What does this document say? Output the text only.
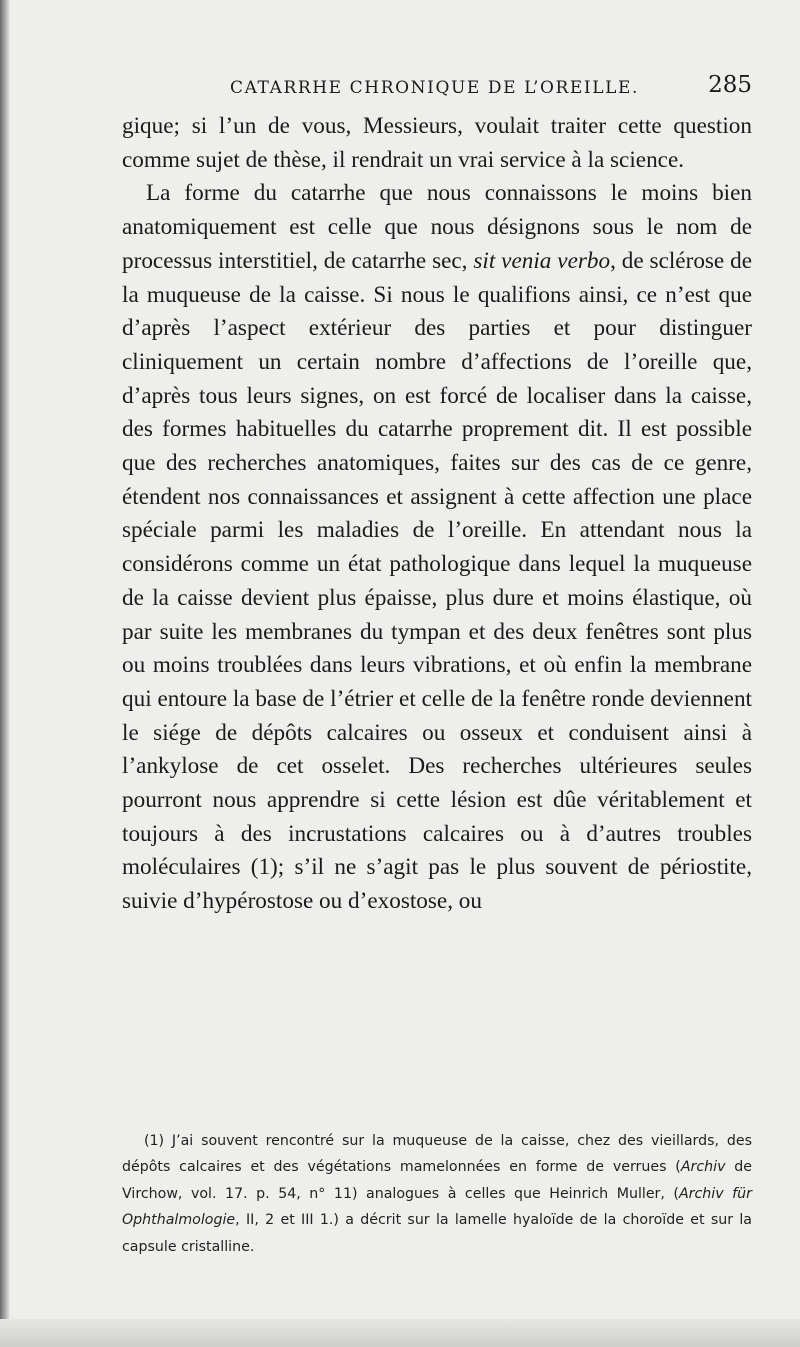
CATARRHE CHRONIQUE DE L’OREILLE.	285

gique; si l’un de vous, Messieurs, voulait traiter cette question comme sujet de thèse, il rendrait un vrai service à la science.

La forme du catarrhe que nous connaissons le moins bien anatomiquement est celle que nous désignons sous le nom de processus interstitiel, de catarrhe sec, sit venia verbo, de sclérose de la muqueuse de la caisse. Si nous le qualifions ainsi, ce n’est que d’après l’aspect extérieur des parties et pour distinguer cliniquement un certain nombre d’affections de l’oreille que, d’après tous leurs signes, on est forcé de localiser dans la caisse, des formes habituelles du catarrhe proprement dit. Il est possible que des recherches anatomiques, faites sur des cas de ce genre, étendent nos connaissances et assignent à cette affection une place spéciale parmi les maladies de l’oreille. En attendant nous la considérons comme un état pathologique dans lequel la muqueuse de la caisse devient plus épaisse, plus dure et moins élastique, où par suite les membranes du tympan et des deux fenêtres sont plus ou moins troublées dans leurs vibrations, et où enfin la membrane qui entoure la base de l’étrier et celle de la fenêtre ronde deviennent le siége de dépôts calcaires ou osseux et conduisent ainsi à l’ankylose de cet osselet. Des recherches ultérieures seules pourront nous apprendre si cette lésion est dûe véritablement et toujours à des incrustations calcaires ou à d’autres troubles moléculaires (1); s’il ne s’agit pas le plus souvent de périostite, suivie d’hypérostose ou d’exostose, ou

(1) J’ai souvent rencontré sur la muqueuse de la caisse, chez des vieillards, des dépôts calcaires et des végétations mamelonnées en forme de verrues (Archiv de Virchow, vol. 17. p. 54, n° 11) analogues à celles que Heinrich Muller, (Archiv für Ophthalmologie, II, 2 et III 1.) a décrit sur la lamelle hyaloïde de la choroïde et sur la capsule cristalline.
